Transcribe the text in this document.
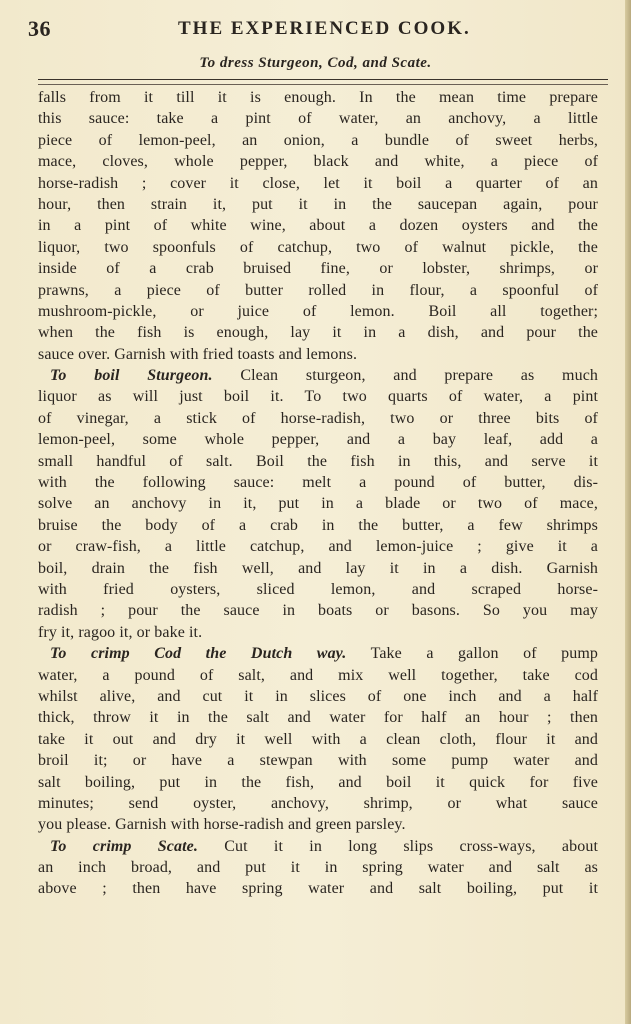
36	THE EXPERIENCED COOK.
To dress Sturgeon, Cod, and Scate.
falls from it till it is enough. In the mean time prepare
this sauce: take a pint of water, an anchovy, a little
piece of lemon-peel, an onion, a bundle of sweet herbs,
mace, cloves, whole pepper, black and white, a piece of
horse-radish ; cover it close, let it boil a quarter of an
hour, then strain it, put it in the saucepan again, pour
in a pint of white wine, about a dozen oysters and the
liquor, two spoonfuls of catchup, two of walnut pickle, the
inside of a crab bruised fine, or lobster, shrimps, or
prawns, a piece of butter rolled in flour, a spoonful of
mushroom-pickle, or juice of lemon. Boil all together;
when the fish is enough, lay it in a dish, and pour the
sauce over. Garnish with fried toasts and lemons.
To boil Sturgeon. Clean sturgeon, and prepare as much
liquor as will just boil it. To two quarts of water, a pint
of vinegar, a stick of horse-radish, two or three bits of
lemon-peel, some whole pepper, and a bay leaf, add a
small handful of salt. Boil the fish in this, and serve it
with the following sauce: melt a pound of butter, dis-
solve an anchovy in it, put in a blade or two of mace,
bruise the body of a crab in the butter, a few shrimps
or craw-fish, a little catchup, and lemon-juice ; give it a
boil, drain the fish well, and lay it in a dish. Garnish
with fried oysters, sliced lemon, and scraped horse-
radish ; pour the sauce in boats or basons. So you may
fry it, ragoo it, or bake it.
To crimp Cod the Dutch way. Take a gallon of pump
water, a pound of salt, and mix well together, take cod
whilst alive, and cut it in slices of one inch and a half
thick, throw it in the salt and water for half an hour ; then
take it out and dry it well with a clean cloth, flour it and
broil it; or have a stewpan with some pump water and
salt boiling, put in the fish, and boil it quick for five
minutes; send oyster, anchovy, shrimp, or what sauce
you please. Garnish with horse-radish and green parsley.
To crimp Scate. Cut it in long slips cross-ways, about
an inch broad, and put it in spring water and salt as
above ; then have spring water and salt boiling, put it
